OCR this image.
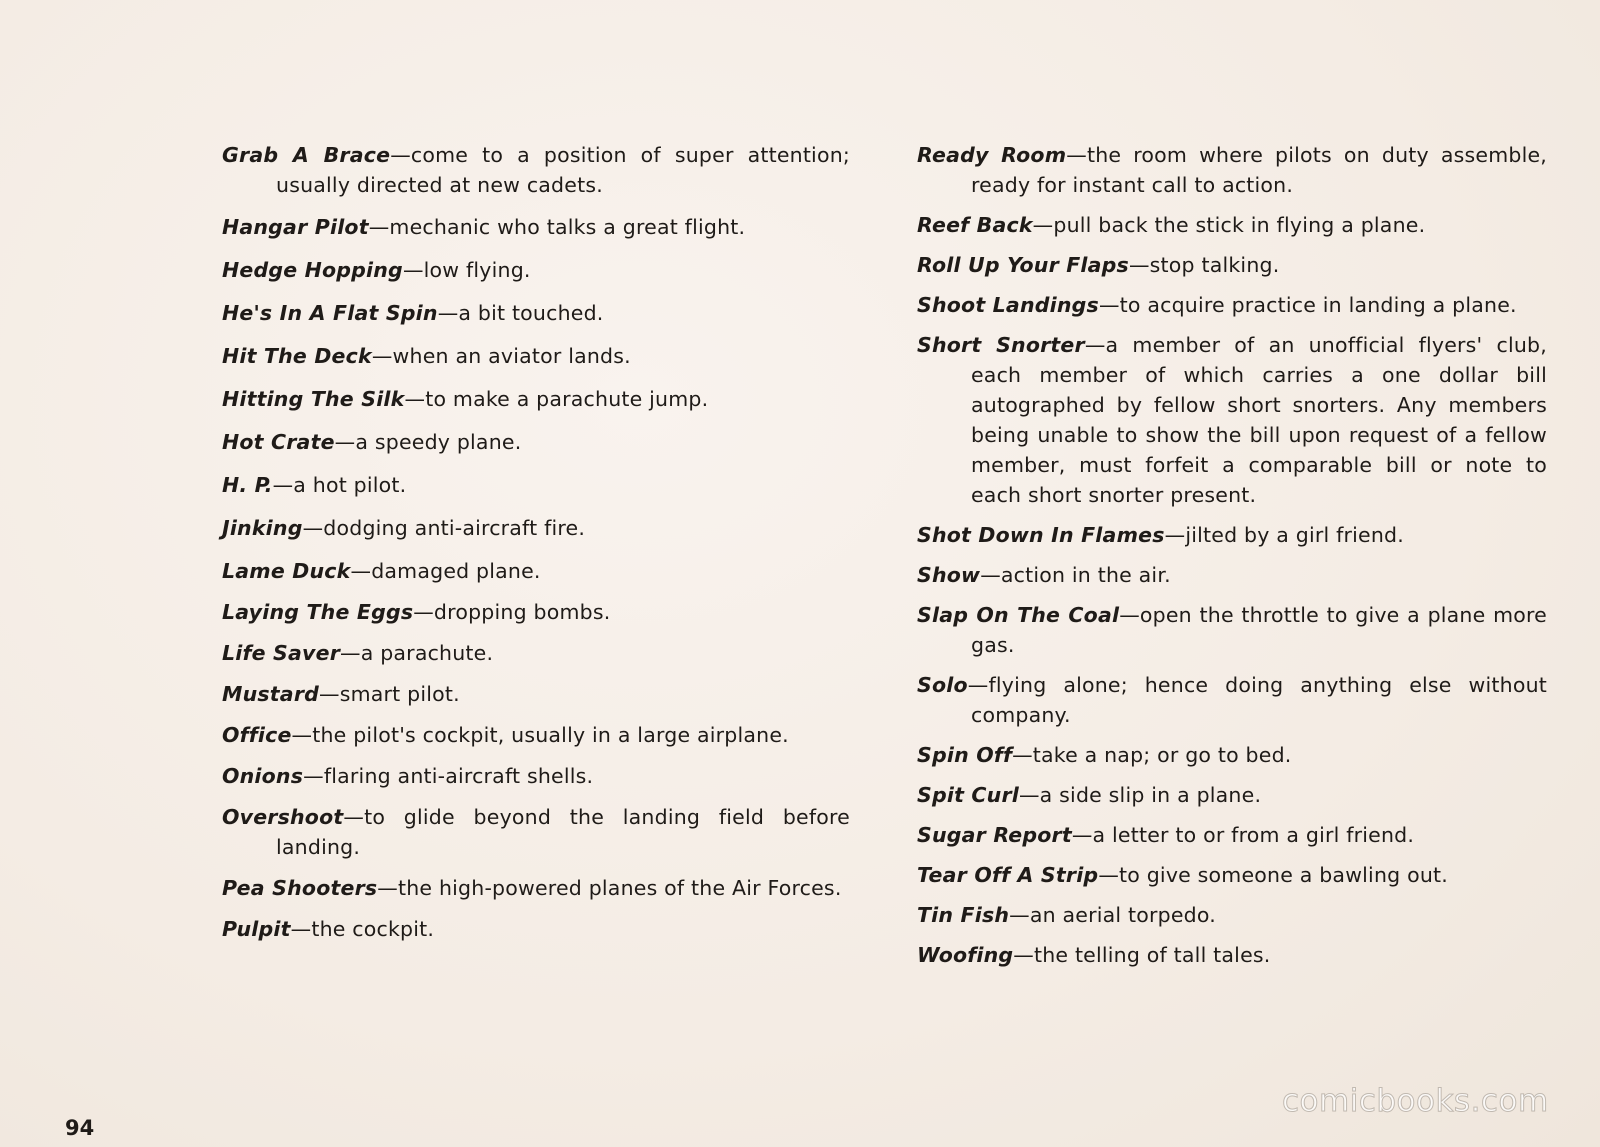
Grab A Brace—come to a position of super attention; usually directed at new cadets.

Hangar Pilot—mechanic who talks a great flight.

Hedge Hopping—low flying.

He's In A Flat Spin—a bit touched.

Hit The Deck—when an aviator lands.

Hitting The Silk—to make a parachute jump.

Hot Crate—a speedy plane.

H. P.—a hot pilot.

Jinking—dodging anti-aircraft fire.

Lame Duck—damaged plane.

Laying The Eggs—dropping bombs.

Life Saver—a parachute.

Mustard—smart pilot.

Office—the pilot's cockpit, usually in a large airplane.

Onions—flaring anti-aircraft shells.

Overshoot—to glide beyond the landing field before landing.

Pea Shooters—the high-powered planes of the Air Forces.

Pulpit—the cockpit.

Ready Room—the room where pilots on duty assemble, ready for instant call to action.

Reef Back—pull back the stick in flying a plane.

Roll Up Your Flaps—stop talking.

Shoot Landings—to acquire practice in landing a plane.

Short Snorter—a member of an unofficial flyers' club, each member of which carries a one dollar bill autographed by fellow short snorters. Any members being unable to show the bill upon request of a fellow member, must forfeit a comparable bill or note to each short snorter present.

Shot Down In Flames—jilted by a girl friend.

Show—action in the air.

Slap On The Coal—open the throttle to give a plane more gas.

Solo—flying alone; hence doing anything else without company.

Spin Off—take a nap; or go to bed.

Spit Curl—a side slip in a plane.

Sugar Report—a letter to or from a girl friend.

Tear Off A Strip—to give someone a bawling out.

Tin Fish—an aerial torpedo.

Woofing—the telling of tall tales.

94
comicbooks.com
